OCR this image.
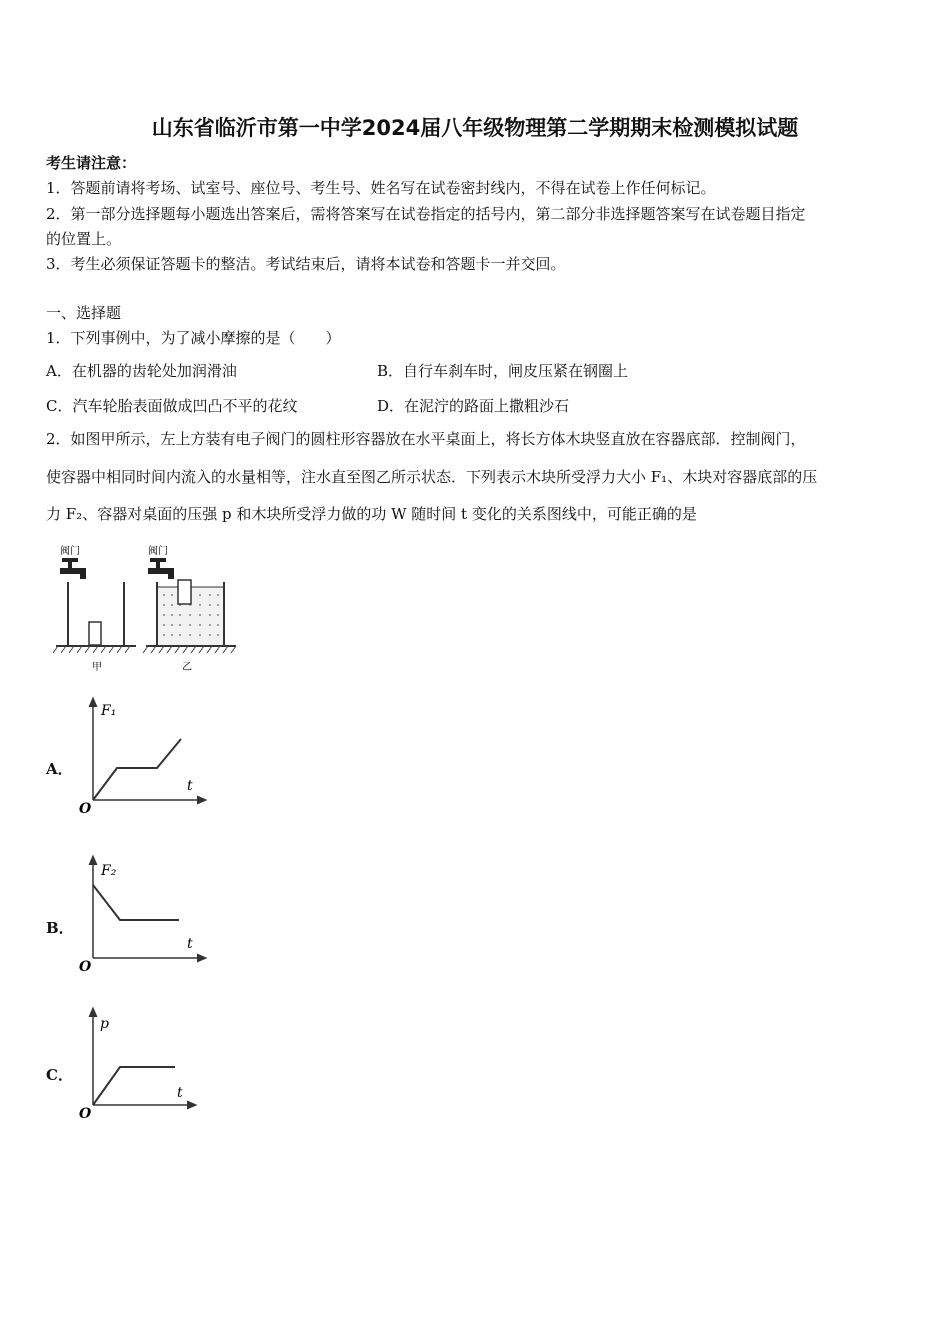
山东省临沂市第一中学2024届八年级物理第二学期期末检测模拟试题
考生请注意：
1．答题前请将考场、试室号、座位号、考生号、姓名写在试卷密封线内，不得在试卷上作任何标记。
2．第一部分选择题每小题选出答案后，需将答案写在试卷指定的括号内，第二部分非选择题答案写在试卷题目指定
的位置上。
3．考生必须保证答题卡的整洁。考试结束后，请将本试卷和答题卡一并交回。
一、选择题
1．下列事例中，为了减小摩擦的是（　　）
A．在机器的齿轮处加润滑油	B．自行车刹车时，闸皮压紧在钢圈上
C．汽车轮胎表面做成凹凸不平的花纹	D．在泥泞的路面上撒粗沙石
2．如图甲所示，左上方装有电子阀门的圆柱形容器放在水平桌面上，将长方体木块竖直放在容器底部．控制阀门，
使容器中相同时间内流入的水量相等，注水直至图乙所示状态．下列表示木块所受浮力大小 F₁、木块对容器底部的压
力 F₂、容器对桌面的压强 p 和木块所受浮力做的功 W 随时间 t 变化的关系图线中，可能正确的是
阀门
甲
阀门
乙
A．
F₁
t
O
B．
F₂
t
O
C．
p
t
O
